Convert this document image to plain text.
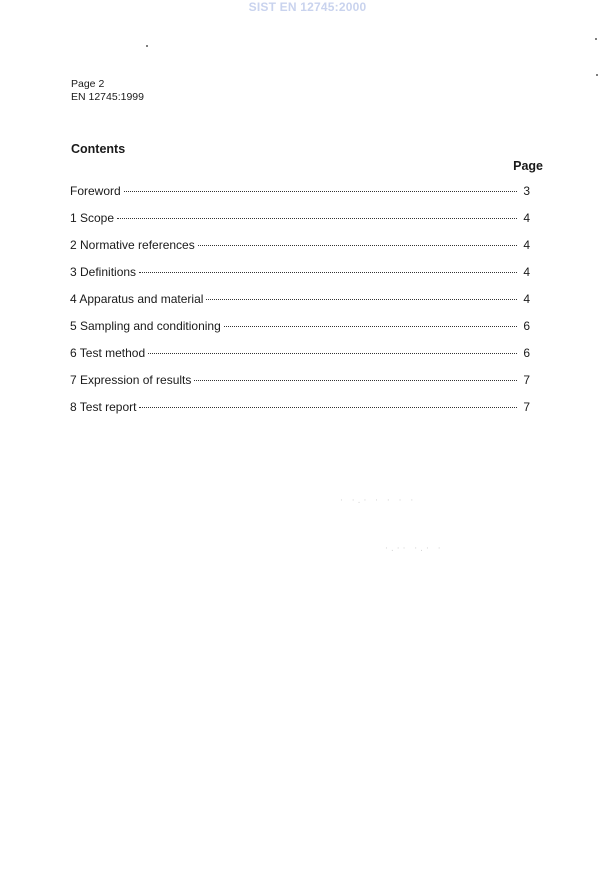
SIST EN 12745:2000
Page 2
EN 12745:1999
Contents
Page
Foreword	3
1 Scope	4
2 Normative references	4
3 Definitions	4
4 Apparatus and material	4
5 Sampling and conditioning	6
6 Test method	6
7 Expression of results	7
8 Test report	7
· ·.· · · · ·
·.·· ·.· ·
